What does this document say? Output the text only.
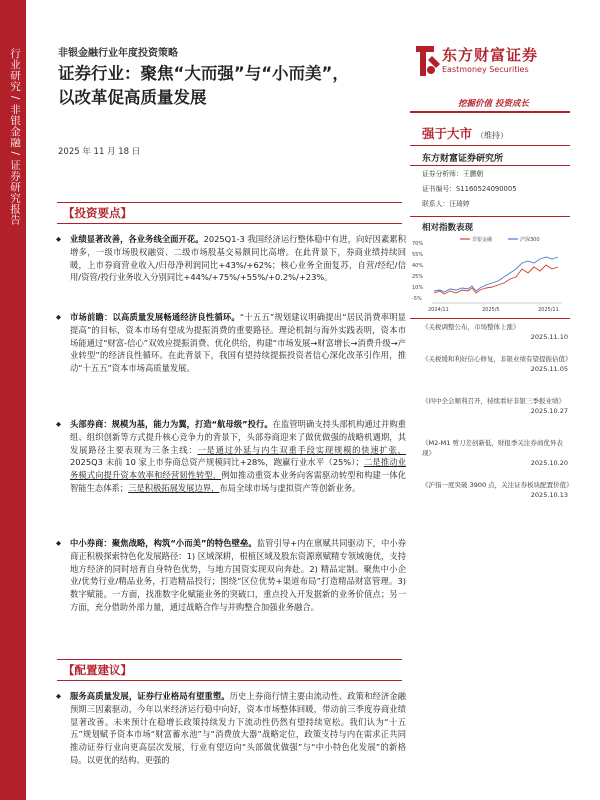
行业研究 / 非银金融 / 证券研究报告	非银金融行业年度投资策略
证券行业：聚焦“大而强”与“小而美”，
以改革促高质量发展
2025 年 11 月 18 日
东方财富证券
Eastmoney Securities
挖掘价值 投资成长
强于大市 （维持）
东方财富证券研究所
证券分析师：王鹏朝
证书编号：S1160524090005
联系人：汪琦婷
相对指数表现
70%
55%
40%
25%
10%
-5%
2024/11	2025/5	2025/11
非银金融	沪深300
《关税调整公布，市场整体上涨》
2025.11.10
《关税缓和利好信心修复，非银业绩有望提振估值》
2025.11.05
《四中全会顺利召开，持续看好非银三季报业绩》
2025.10.27
《M2-M1 剪刀差创新低，财报季关注券商优异表现》
2025.10.20
《沪指一度突破 3900 点，关注证券板块配置价值》
2025.10.13
【投资要点】
◆ 业绩显著改善，各业务线全面开花。2025Q1-3 我国经济运行整体稳中有进，向好因素累积增多，一级市场股权融资、二级市场股基交易额同比高增。在此背景下，券商业绩持续回暖，上市券商营业收入/归母净利润同比+43%/+62%；核心业务全面复苏，自营/经纪/信用/资管/投行业务收入分别同比+44%/+75%/+55%/+0.2%/+23%。
◆ 市场前瞻：以高质量发展畅通经济良性循环。“十五五”规划建议明确提出“居民消费率明显提高”的目标，资本市场有望成为提振消费的重要路径。理论机制与海外实践表明，资本市场能通过“财富-信心”双效应提振消费、优化供给，构建“市场发展→财富增长→消费升级→产业转型”的经济良性循环。在此背景下，我国有望持续提振投资者信心深化改革引作用，推动“十五五”资本市场高质量发展。
◆ 头部券商：规模为基，能力为翼，打造“航母级”投行。在监管明确支持头部机构通过并购重组、组织创新等方式提升核心竞争力的背景下，头部券商迎来了做优做强的战略机遇期，其发展路径主要表现为三条主线：一是通过外延与内生双重手段实现规模的快速扩张，2025Q3 末前 10 家上市券商总资产规模同比+28%，跑赢行业水平（25%）；二是推动业务模式向提升资本效率和经营韧性转型，例如推动重资本业务向客需驱动转型和构建一体化智能生态体系；三是积极拓展发展边界，布局全球市场与虚拟资产等创新业务。
◆ 中小券商：聚焦战略，构筑“小而美”的特色壁垒。监管引导+内在禀赋共同驱动下，中小券商正积极探索特色化发展路径：1) 区域深耕，根植区域及股东资源禀赋精专领域施优，支持地方经济的同时培育自身特色优势，与地方国资实现双向奔赴。2) 精品定制。聚焦中小企业/优势行业/精品业务，打造精品投行；围绕“区位优势+渠道布局”打造精品财富管理。3) 数字赋能。一方面，找准数字化赋能业务的突破口，重点投入开发据新的业务价值点；另一方面，充分借助外部力量，通过战略合作与并购整合加强业务融合。
【配置建议】
◆ 服务高质量发展，证券行业格局有望重塑。历史上券商行情主要由流动性、政策和经济金融预期三因素驱动，今年以来经济运行稳中向好，资本市场整体回暖，带动前三季度券商业绩显著改善。未来预计在稳增长政策持续发力下流动性仍然有望持续宽松。我们认为“十五五”规划赋予资本市场“财富蓄水池”与“消费放大器”战略定位，政策支持与内在需求正共同推动证券行业向更高层次发展，行业有望迈向“头部做优做强”与“中小特色化发展”的新格局。以更优的结构、更强的
